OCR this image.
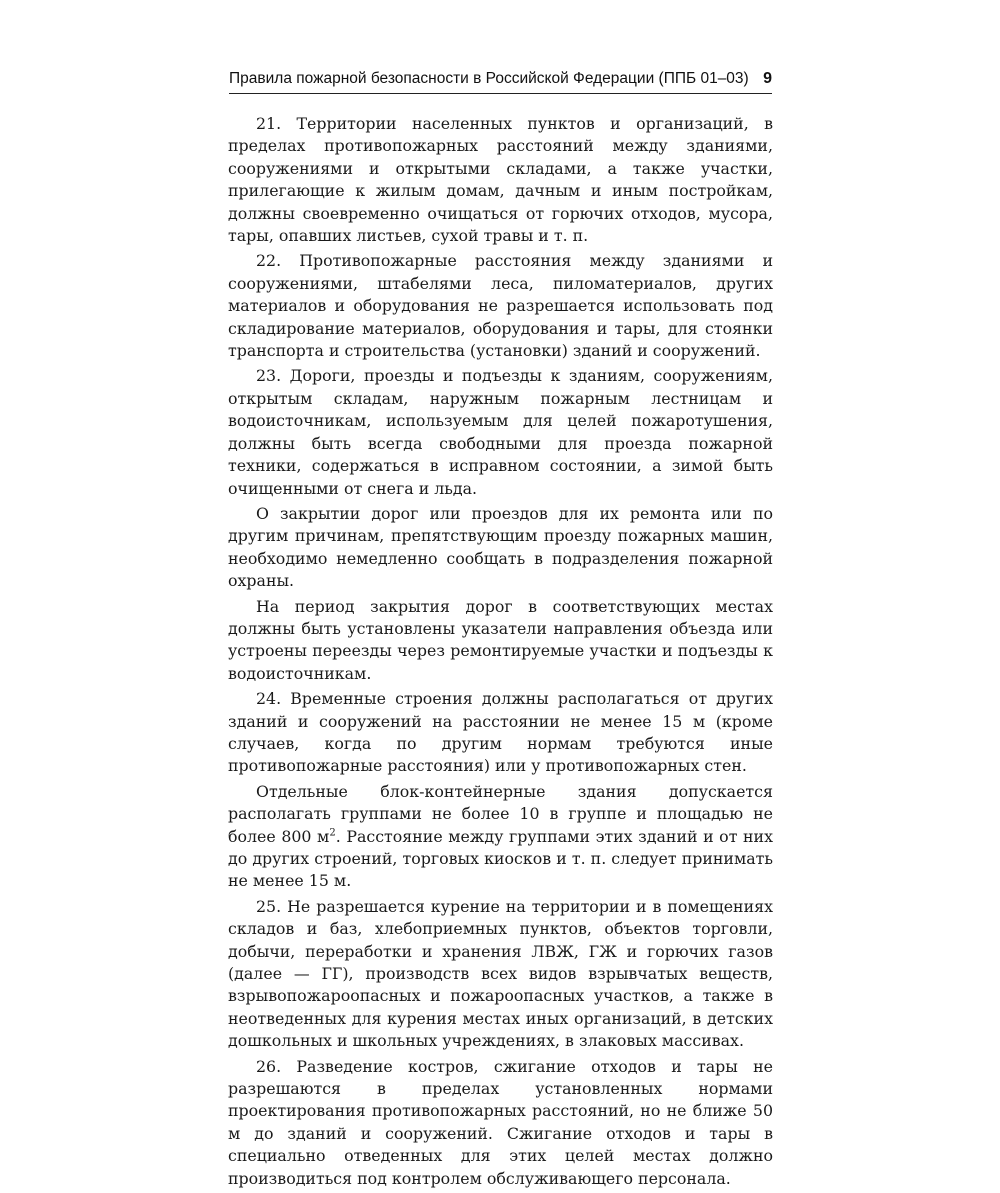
Правила пожарной безопасности в Российской Федерации (ППБ 01–03) 9

21. Территории населенных пунктов и организаций, в пределах противопожарных расстояний между зданиями, сооружениями и открытыми складами, а также участки, прилегающие к жилым домам, дачным и иным постройкам, должны своевременно очищаться от горючих отходов, мусора, тары, опавших листьев, сухой травы и т. п.

22. Противопожарные расстояния между зданиями и сооружениями, штабелями леса, пиломатериалов, других материалов и оборудования не разрешается использовать под складирование материалов, оборудования и тары, для стоянки транспорта и строительства (установки) зданий и сооружений.

23. Дороги, проезды и подъезды к зданиям, сооружениям, открытым складам, наружным пожарным лестницам и водоисточникам, используемым для целей пожаротушения, должны быть всегда свободными для проезда пожарной техники, содержаться в исправном состоянии, а зимой быть очищенными от снега и льда.

О закрытии дорог или проездов для их ремонта или по другим причинам, препятствующим проезду пожарных машин, необходимо немедленно сообщать в подразделения пожарной охраны.

На период закрытия дорог в соответствующих местах должны быть установлены указатели направления объезда или устроены переезды через ремонтируемые участки и подъезды к водоисточникам.

24. Временные строения должны располагаться от других зданий и сооружений на расстоянии не менее 15 м (кроме случаев, когда по другим нормам требуются иные противопожарные расстояния) или у противопожарных стен.

Отдельные блок-контейнерные здания допускается располагать группами не более 10 в группе и площадью не более 800 $м^2$. Расстояние между группами этих зданий и от них до других строений, торговых киосков и т. п. следует принимать не менее 15 м.

25. Не разрешается курение на территории и в помещениях складов и баз, хлебоприемных пунктов, объектов торговли, добычи, переработки и хранения ЛВЖ, ГЖ и горючих газов (далее — ГГ), производств всех видов взрывчатых веществ, взрывопожароопасных и пожароопасных участков, а также в неотведенных для курения местах иных организаций, в детских дошкольных и школьных учреждениях, в злаковых массивах.

26. Разведение костров, сжигание отходов и тары не разрешаются в пределах установленных нормами проектирования противопожарных расстояний, но не ближе 50 м до зданий и сооружений. Сжигание отходов и тары в специально отведенных для этих целей местах должно производиться под контролем обслуживающего персонала.
